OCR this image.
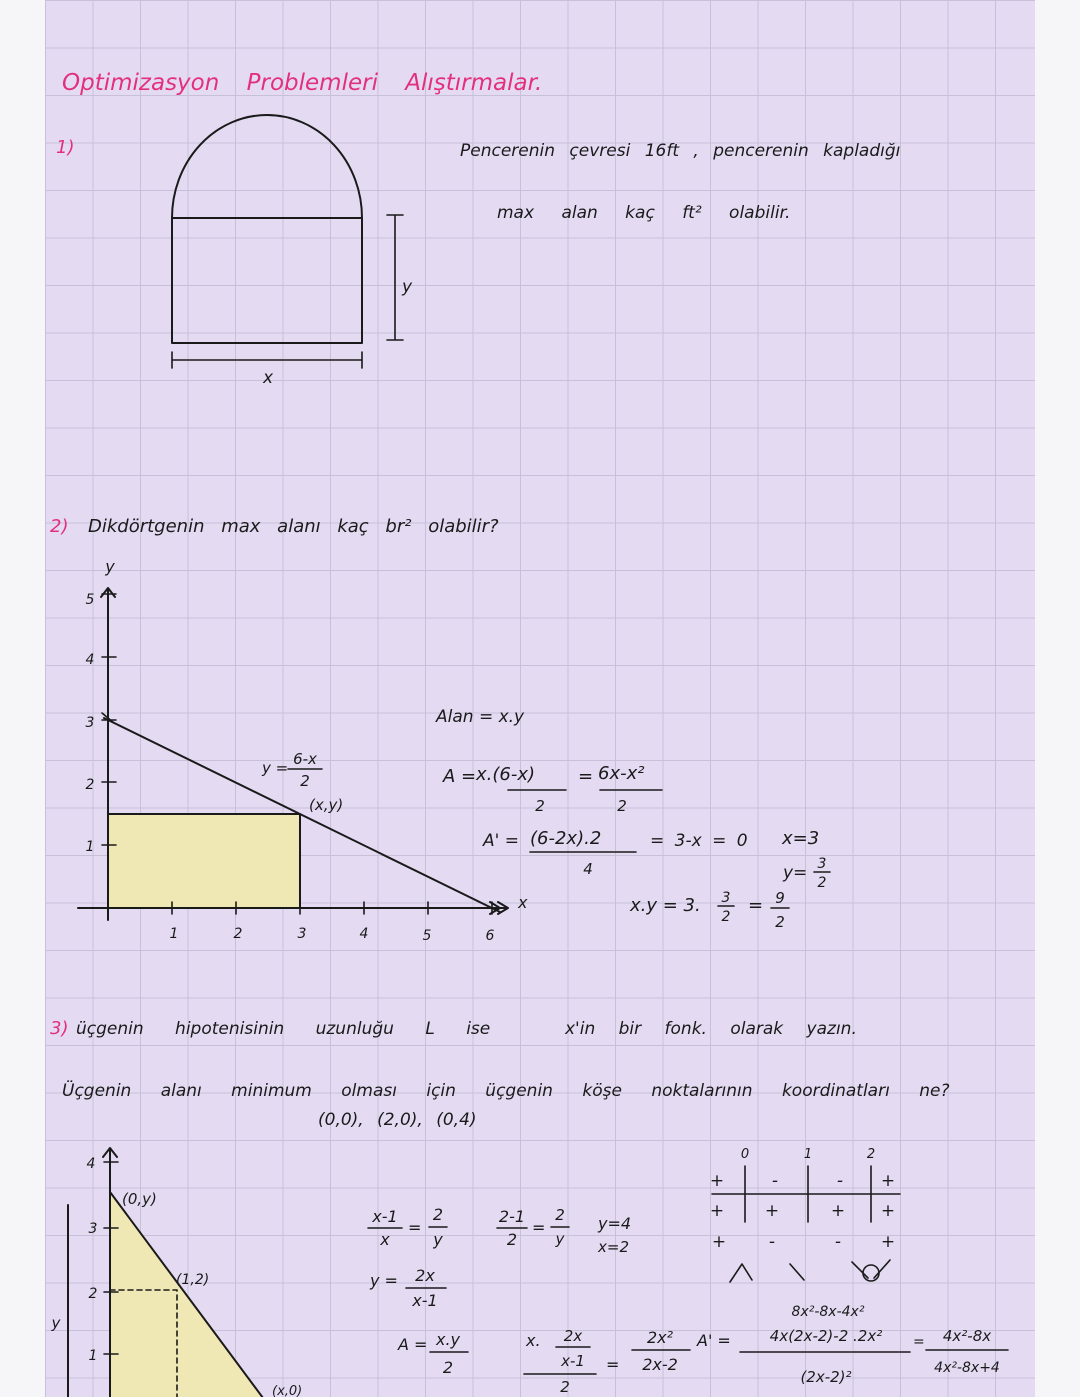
Optimizasyon Problemleri Alıştırmalar.
1)	Pencerenin çevresi 16ft , pencerenin kapladığı
max alan kaç ft² olabilir.
x
y
2) Dikdörtgenin max alanı kaç br² olabilir?
y
x
1
2
3
4
5
1	2	3	4	5	6
y = 6-x
2
(x,y)
Alan = x.y
A = x.(6-x)
2
= 6x-x²
2
A' = (6-2x).2
4
= 3-x = 0 x=3
y= 3
2
x.y = 3. 3
2
= 9
2
3) üçgenin hipotenisinin uzunluğu L ise	x'in bir fonk. olarak yazın.
Üçgenin alanı minimum olması için üçgenin köşe noktalarının koordinatları ne?
(0,0), (2,0), (0,4)
1
2
3
4
y
(0,y)
(1,2)
(x,0)
x-1
x
=
2
y
2-1
2
=
2
y
y=4
x=2
y = 2x
x-1
A = x.y
2
x. 2x
x-1
2
=
2x²
2x-2
A' =
8x²-8x-4x²
4x(2x-2)-2 .2x²
(2x-2)²
= 4x²-8x
4x²-8x+4
0	1	2
+	-	- +
+ +	+ +
+	-	- +
